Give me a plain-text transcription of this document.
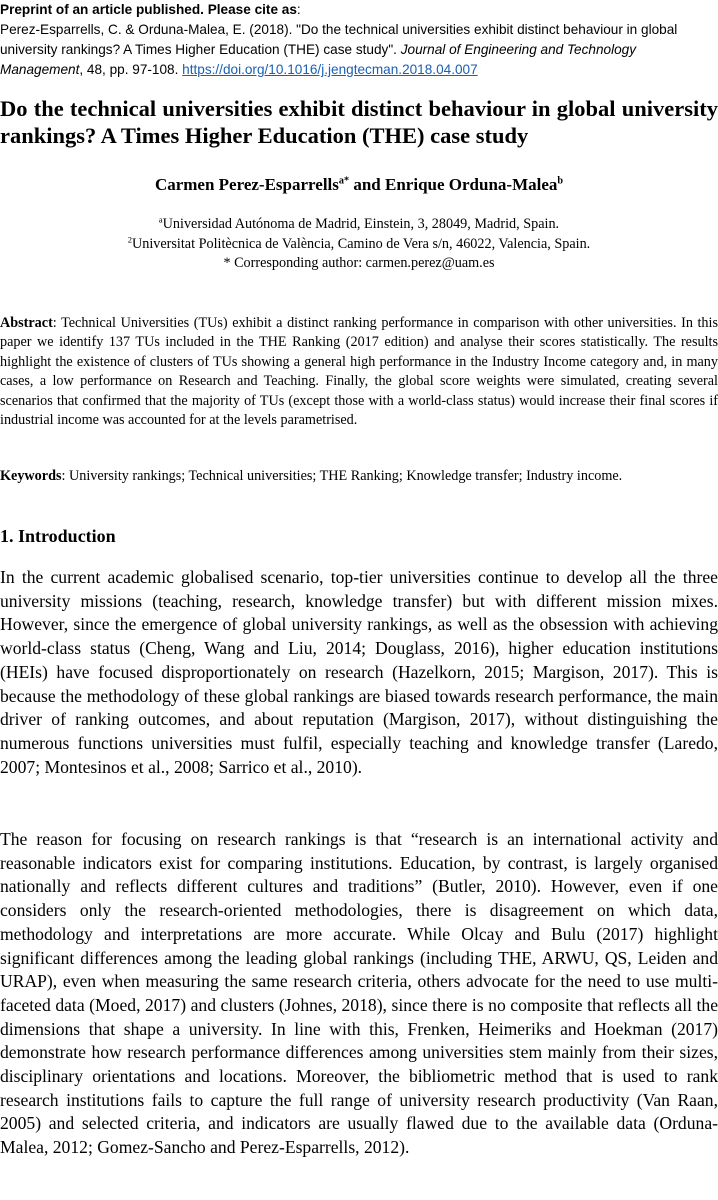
Preprint of an article published. Please cite as:
Perez-Esparrells, C. & Orduna-Malea, E. (2018). "Do the technical universities exhibit distinct behaviour in global university rankings? A Times Higher Education (THE) case study". Journal of Engineering and Technology Management, 48, pp. 97-108. https://doi.org/10.1016/j.jengtecman.2018.04.007
Do the technical universities exhibit distinct behaviour in global university rankings? A Times Higher Education (THE) case study
Carmen Perez-Esparrells$^{a*}$ and Enrique Orduna-Malea$^b$
$^a$Universidad Autónoma de Madrid, Einstein, 3, 28049, Madrid, Spain.
$^2$Universitat Politècnica de València, Camino de Vera s/n, 46022, Valencia, Spain.
* Corresponding author: carmen.perez@uam.es
Abstract: Technical Universities (TUs) exhibit a distinct ranking performance in comparison with other universities. In this paper we identify 137 TUs included in the THE Ranking (2017 edition) and analyse their scores statistically. The results highlight the existence of clusters of TUs showing a general high performance in the Industry Income category and, in many cases, a low performance on Research and Teaching. Finally, the global score weights were simulated, creating several scenarios that confirmed that the majority of TUs (except those with a world-class status) would increase their final scores if industrial income was accounted for at the levels parametrised.
Keywords: University rankings; Technical universities; THE Ranking; Knowledge transfer; Industry income.
1. Introduction

In the current academic globalised scenario, top-tier universities continue to develop all the three university missions (teaching, research, knowledge transfer) but with different mission mixes. However, since the emergence of global university rankings, as well as the obsession with achieving world-class status (Cheng, Wang and Liu, 2014; Douglass, 2016), higher education institutions (HEIs) have focused disproportionately on research (Hazelkorn, 2015; Margison, 2017). This is because the methodology of these global rankings are biased towards research performance, the main driver of ranking outcomes, and about reputation (Margison, 2017), without distinguishing the numerous functions universities must fulfil, especially teaching and knowledge transfer (Laredo, 2007; Montesinos et al., 2008; Sarrico et al., 2010).

The reason for focusing on research rankings is that “research is an international activity and reasonable indicators exist for comparing institutions. Education, by contrast, is largely organised nationally and reflects different cultures and traditions” (Butler, 2010). However, even if one considers only the research-oriented methodologies, there is disagreement on which data, methodology and interpretations are more accurate. While Olcay and Bulu (2017) highlight significant differences among the leading global rankings (including THE, ARWU, QS, Leiden and URAP), even when measuring the same research criteria, others advocate for the need to use multi-faceted data (Moed, 2017) and clusters (Johnes, 2018), since there is no composite that reflects all the dimensions that shape a university. In line with this, Frenken, Heimeriks and Hoekman (2017) demonstrate how research performance differences among universities stem mainly from their sizes, disciplinary orientations and locations. Moreover, the bibliometric method that is used to rank research institutions fails to capture the full range of university research productivity (Van Raan, 2005) and selected criteria, and indicators are usually flawed due to the available data (Orduna-Malea, 2012; Gomez-Sancho and Perez-Esparrells, 2012).
